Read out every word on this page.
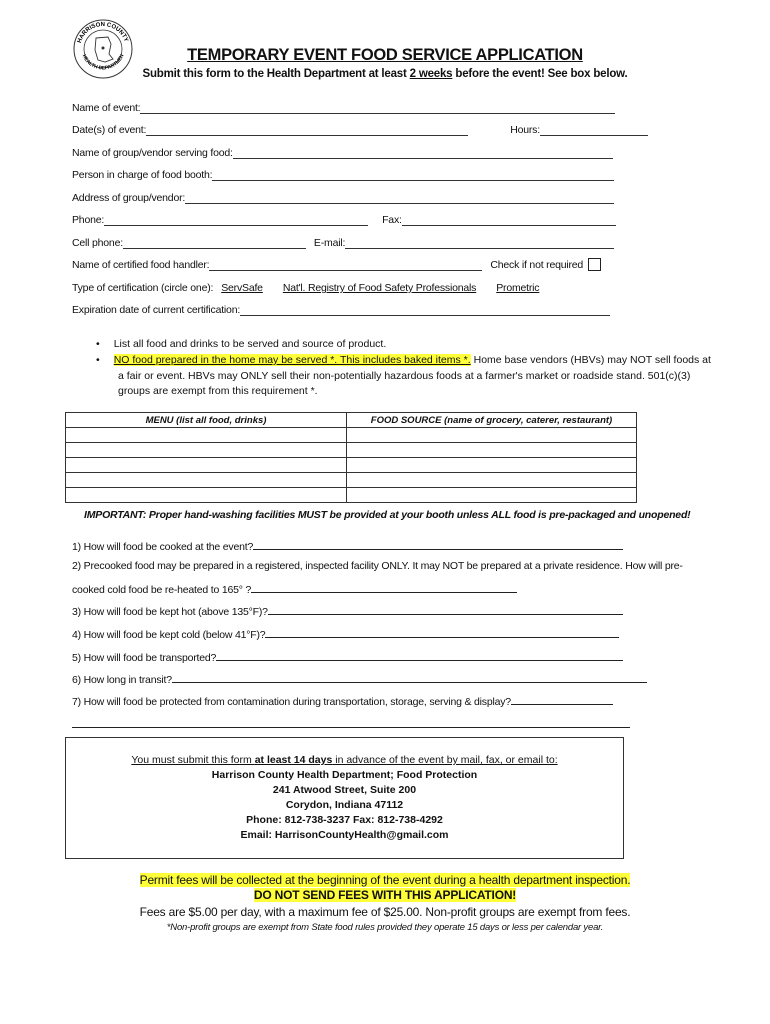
HARRISON COUNTY
HEALTH DEPARTMEN	TEMPORARY EVENT FOOD SERVICE APPLICATION
Submit this form to the Health Department at least 2 weeks before the event! See box below.
Name of event:
Date(s) of event:	Hours:
Name of group/vendor serving food:
Person in charge of food booth:
Address of group/vendor:
Phone:	Fax:
Cell phone:	E-mail:
Name of certified food handler:	Check if not required
Type of certification (circle one): ServSafe Nat'l. Registry of Food Safety Professionals Prometric
Expiration date of current certification:
• List all food and drinks to be served and source of product.
• NO food prepared in the home may be served *. This includes baked items *. Home base vendors (HBVs) may NOT sell foods at
a fair or event. HBVs may ONLY sell their non-potentially hazardous foods at a farmer's market or roadside stand. 501(c)(3)
groups are exempt from this requirement *.
MENU (list all food, drinks)	FOOD SOURCE (name of grocery, caterer, restaurant)

IMPORTANT: Proper hand-washing facilities MUST be provided at your booth unless ALL food is pre-packaged and unopened!
1) How will food be cooked at the event?
2) Precooked food may be prepared in a registered, inspected facility ONLY. It may NOT be prepared at a private residence. How will pre-
cooked cold food be re-heated to 165° ?
3) How will food be kept hot (above 135°F)?
4) How will food be kept cold (below 41°F)?
5) How will food be transported?
6) How long in transit?
7) How will food be protected from contamination during transportation, storage, serving & display?
You must submit this form at least 14 days in advance of the event by mail, fax, or email to:
Harrison County Health Department; Food Protection
241 Atwood Street, Suite 200
Corydon, Indiana 47112
Phone: 812-738-3237 Fax: 812-738-4292
Email: HarrisonCountyHealth@gmail.com
Permit fees will be collected at the beginning of the event during a health department inspection.
DO NOT SEND FEES WITH THIS APPLICATION!
Fees are $5.00 per day, with a maximum fee of $25.00. Non-profit groups are exempt from fees.
*Non-profit groups are exempt from State food rules provided they operate 15 days or less per calendar year.
